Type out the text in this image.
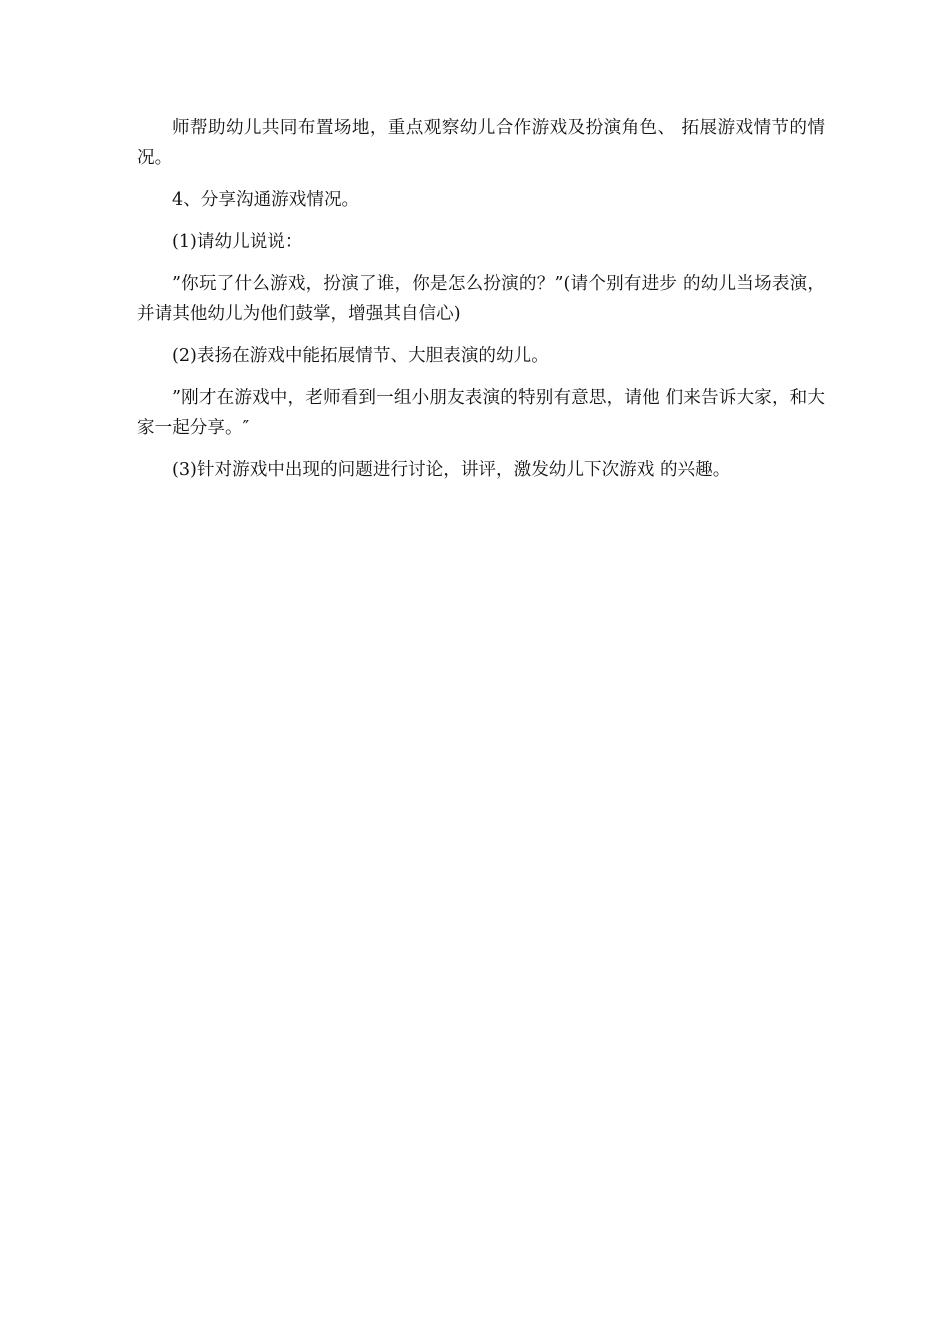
师帮助幼儿共同布置场地，重点观察幼儿合作游戏及扮演角色、 拓展游戏情节的情况。

4、分享沟通游戏情况。

(1)请幼儿说说：

”你玩了什么游戏，扮演了谁，你是怎么扮演的？”(请个别有进步 的幼儿当场表演，并请其他幼儿为他们鼓掌，增强其自信心)

(2)表扬在游戏中能拓展情节、大胆表演的幼儿。

”刚才在游戏中，老师看到一组小朋友表演的特别有意思，请他 们来告诉大家，和大家一起分享。″

(3)针对游戏中出现的问题进行讨论，讲评，激发幼儿下次游戏 的兴趣。
